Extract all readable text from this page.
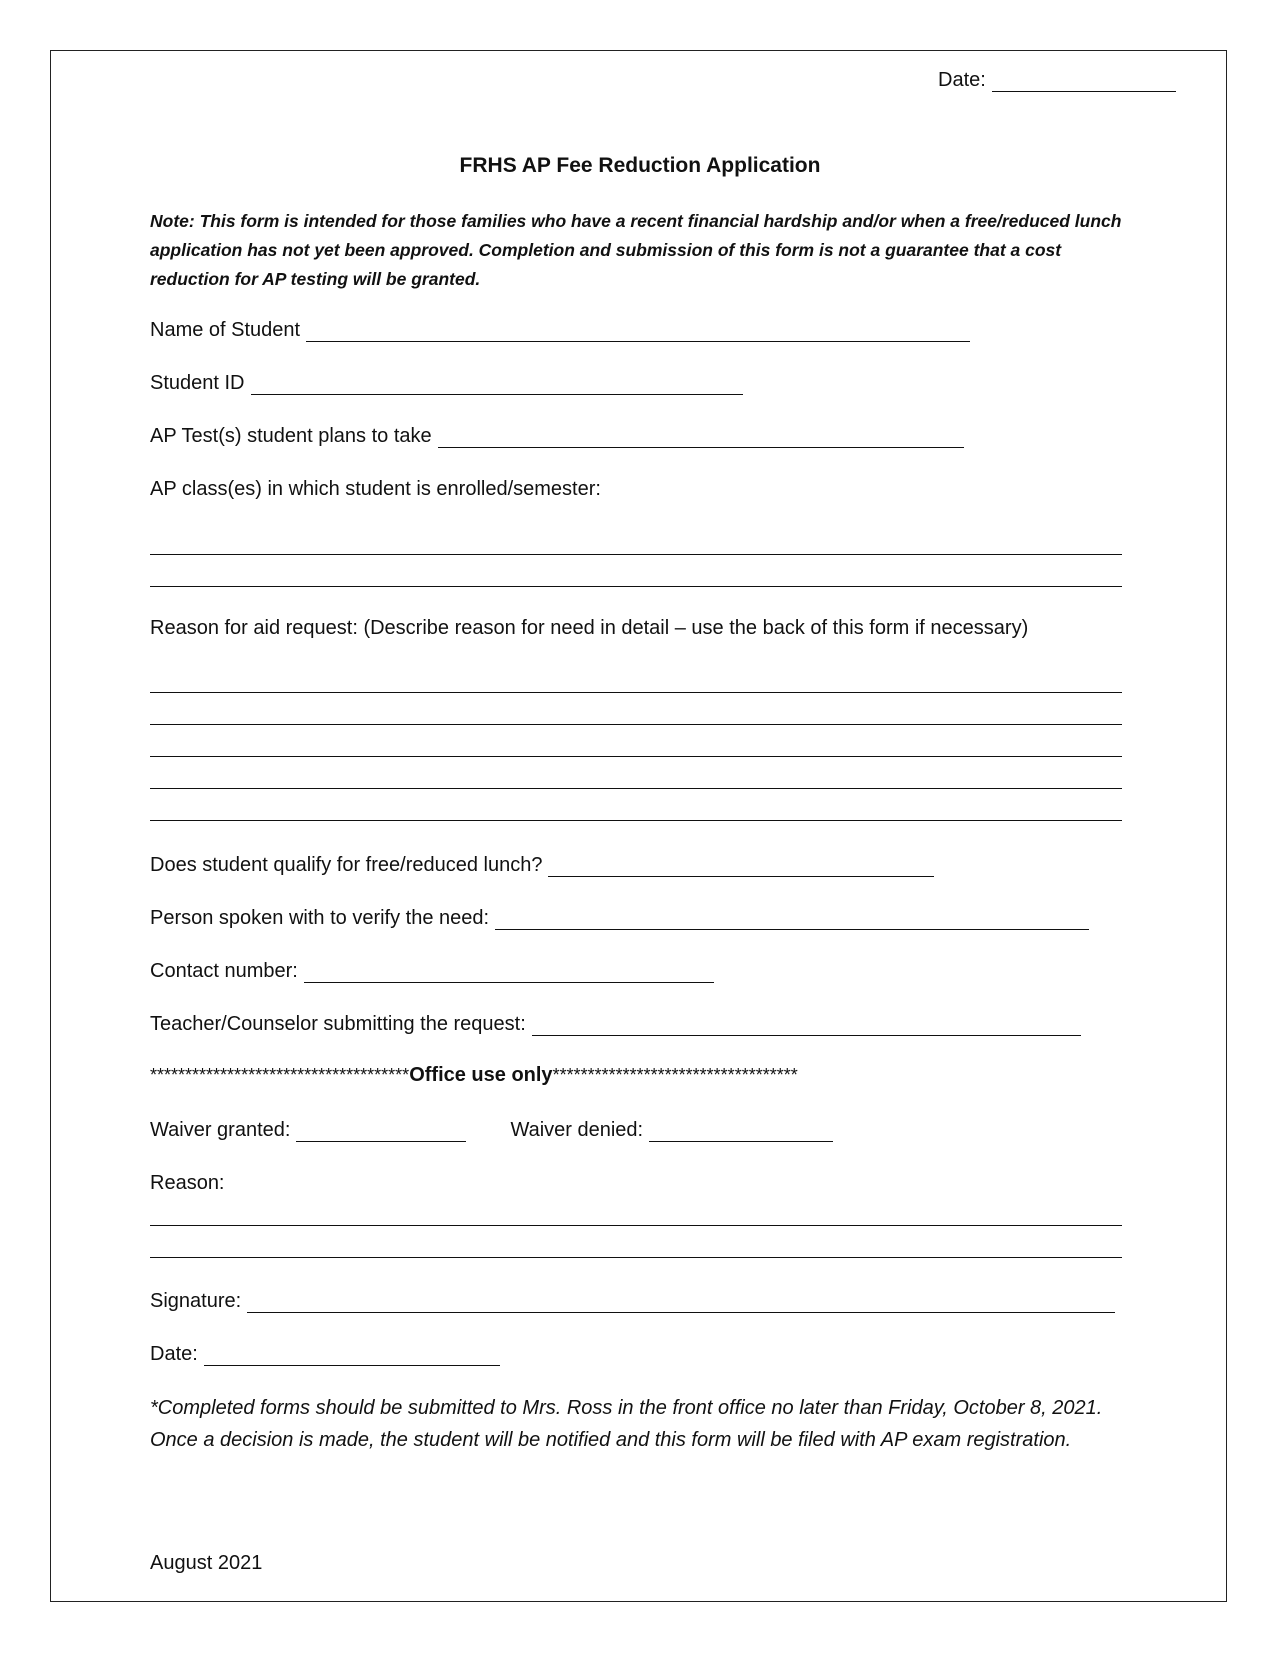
Date:
FRHS AP Fee Reduction Application
Note: This form is intended for those families who have a recent financial hardship and/or when a free/reduced lunch application has not yet been approved. Completion and submission of this form is not a guarantee that a cost reduction for AP testing will be granted.
Name of Student
Student ID
AP Test(s) student plans to take
AP class(es) in which student is enrolled/semester:
Reason for aid request: (Describe reason for need in detail – use the back of this form if necessary)
Does student qualify for free/reduced lunch?
Person spoken with to verify the need:
Contact number:
Teacher/Counselor submitting the request:
*************************************Office use only***********************************
Waiver granted:	Waiver denied:
Reason:
Signature:
Date:
*Completed forms should be submitted to Mrs. Ross in the front office no later than Friday, October 8, 2021. Once a decision is made, the student will be notified and this form will be filed with AP exam registration.
August 2021
